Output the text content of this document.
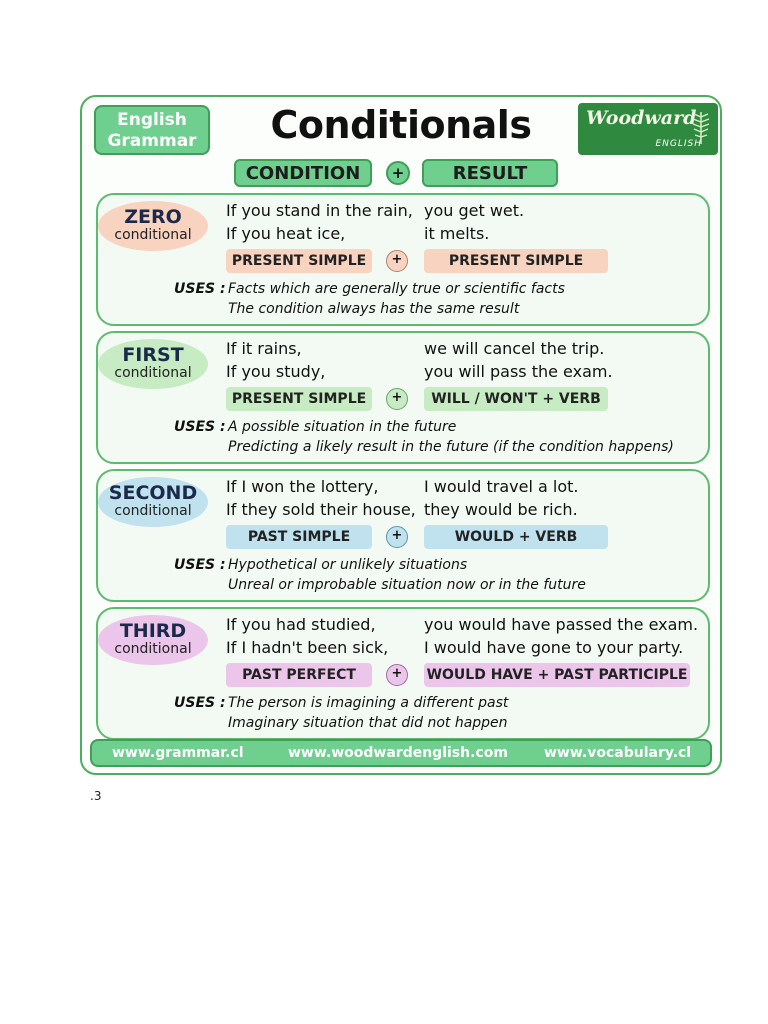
English
Grammar	Conditionals	Woodward
ENGLISH
CONDITION	+	RESULT
ZERO
conditional
If you stand in the rain, you get wet.
If you heat ice,	it melts.
PRESENT SIMPLE	+	PRESENT SIMPLE
USES : Facts which are generally true or scientific facts
The condition always has the same result
FIRST
conditional
If it rains,	we will cancel the trip.
If you study,	you will pass the exam.
PRESENT SIMPLE	+	WILL / WON'T + VERB
USES : A possible situation in the future
Predicting a likely result in the future (if the condition happens)
SECOND
conditional
If I won the lottery,	I would travel a lot.
If they sold their house, they would be rich.
PAST SIMPLE	+	WOULD + VERB
USES : Hypothetical or unlikely situations
Unreal or improbable situation now or in the future
THIRD
conditional
If you had studied,	you would have passed the exam.
If I hadn't been sick, I would have gone to your party.
PAST PERFECT	+	WOULD HAVE + PAST PARTICIPLE
USES : The person is imagining a different past
Imaginary situation that did not happen
www.grammar.cl	www.woodwardenglish.com	www.vocabulary.cl
.3
